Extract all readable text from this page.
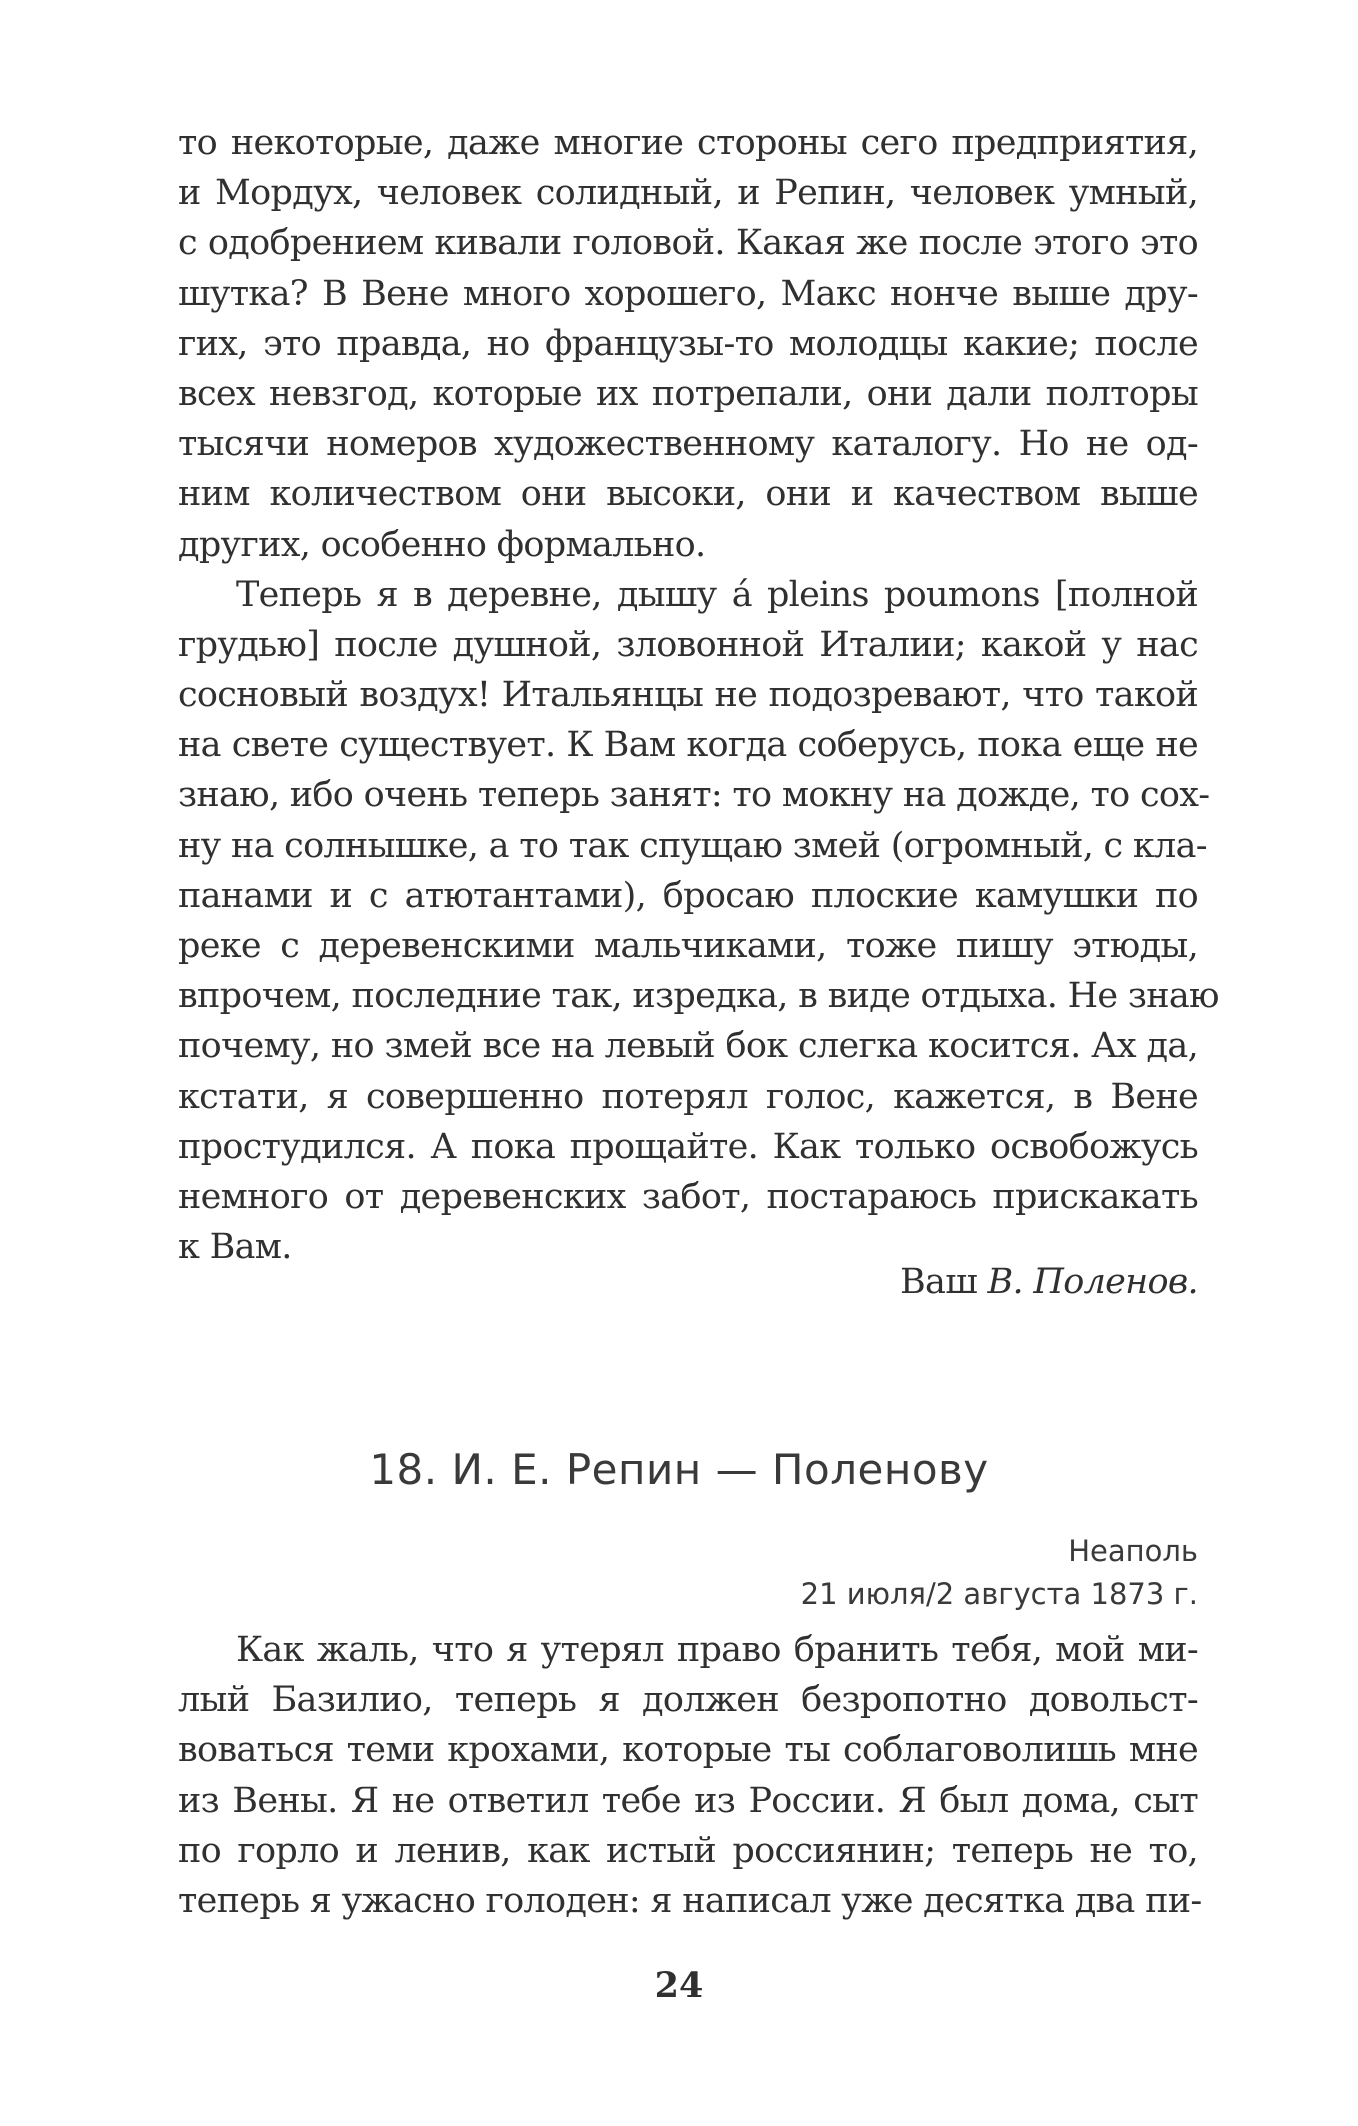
то некоторые, даже многие стороны сего предприятия,
и Мордух, человек солидный, и Репин, человек умный,
с одобрением кивали головой. Какая же после этого это
шутка? В Вене много хорошего, Макс нонче выше дру-
гих, это правда, но французы-то молодцы какие; после
всех невзгод, которые их потрепали, они дали полторы
тысячи номеров художественному каталогу. Но не од-
ним количеством они высоки, они и качеством выше
других, особенно формально.
Теперь я в деревне, дышу á pleins poumons [полной
грудью] после душной, зловонной Италии; какой у нас
сосновый воздух! Итальянцы не подозревают, что такой
на свете существует. К Вам когда соберусь, пока еще не
знаю, ибо очень теперь занят: то мокну на дожде, то сох-
ну на солнышке, а то так спущаю змей (огромный, с кла-
панами и с атютантами), бросаю плоские камушки по
реке с деревенскими мальчиками, тоже пишу этюды,
впрочем, последние так, изредка, в виде отдыха. Не знаю
почему, но змей все на левый бок слегка косится. Ах да,
кстати, я совершенно потерял голос, кажется, в Вене
простудился. А пока прощайте. Как только освобожусь
немного от деревенских забот, постараюсь прискакать
к Вам.
Ваш В. Поленов.
18. И. Е. Репин — Поленову
Неаполь
21 июля/2 августа 1873 г.
Как жаль, что я утерял право бранить тебя, мой ми-
лый Базилио, теперь я должен безропотно довольст-
воваться теми крохами, которые ты соблаговолишь мне
из Вены. Я не ответил тебе из России. Я был дома, сыт
по горло и ленив, как истый россиянин; теперь не то,
теперь я ужасно голоден: я написал уже десятка два пи-
24
